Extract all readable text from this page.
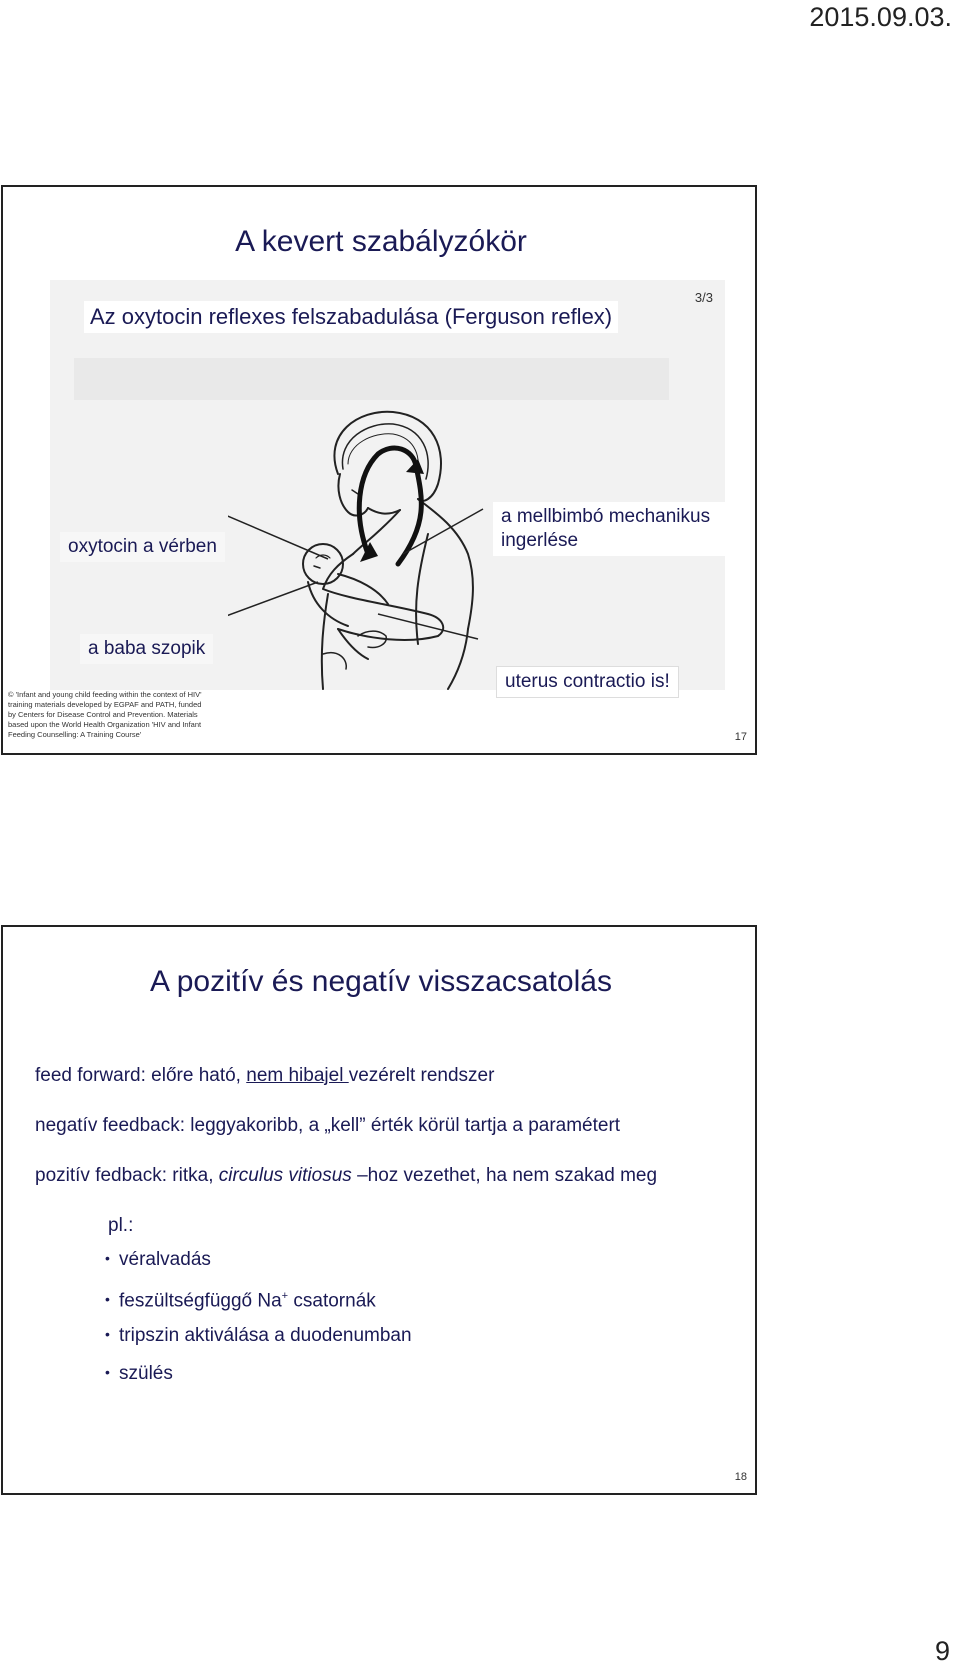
2015.09.03.
A kevert szabályzókör
Az oxytocin reflexes felszabadulása (Ferguson reflex)
3/3
oxytocin a vérben
a mellbimbó mechanikus ingerlése
a baba szopik
uterus contractio is!
© 'Infant and young child feeding within the context of HIV' training materials developed by EGPAF and PATH, funded by Centers for Disease Control and Prevention. Materials based upon the World Health Organization 'HIV and Infant Feeding Counselling: A Training Course'	17
A pozitív és negatív visszacsatolás
feed forward: előre ható, nem hibajel vezérelt rendszer
negatív feedback: leggyakoribb, a „kell” érték körül tartja a paramétert
pozitív fedback: ritka, circulus vitiosus –hoz vezethet, ha nem szakad meg
pl.:
• véralvadás
• feszültségfüggő Na+ csatornák
• tripszin aktiválása a duodenumban
• szülés
18
9
